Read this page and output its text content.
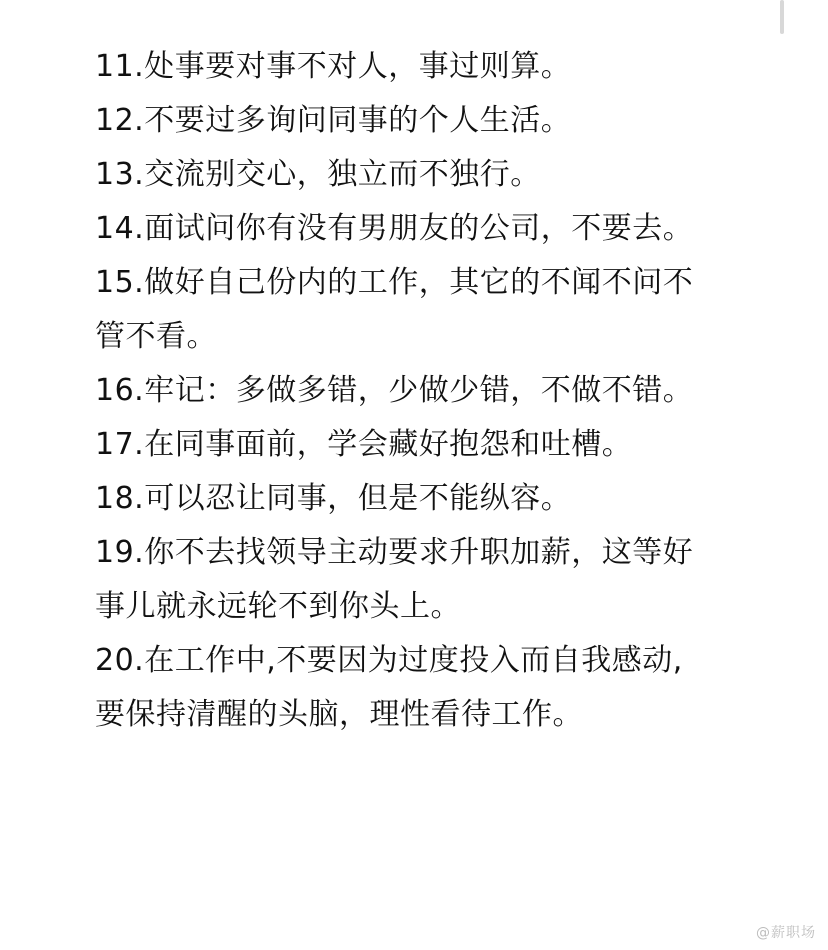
11.处事要对事不对人，事过则算。

12.不要过多询问同事的个人生活。

13.交流别交心，独立而不独行。

14.面试问你有没有男朋友的公司，不要去。

15.做好自己份内的工作，其它的不闻不问不
管不看。

16.牢记：多做多错，少做少错，不做不错。

17.在同事面前，学会藏好抱怨和吐槽。

18.可以忍让同事，但是不能纵容。

19.你不去找领导主动要求升职加薪，这等好
事儿就永远轮不到你头上。

20.在工作中,不要因为过度投入而自我感动,
要保持清醒的头脑，理性看待工作。

@薪职场
